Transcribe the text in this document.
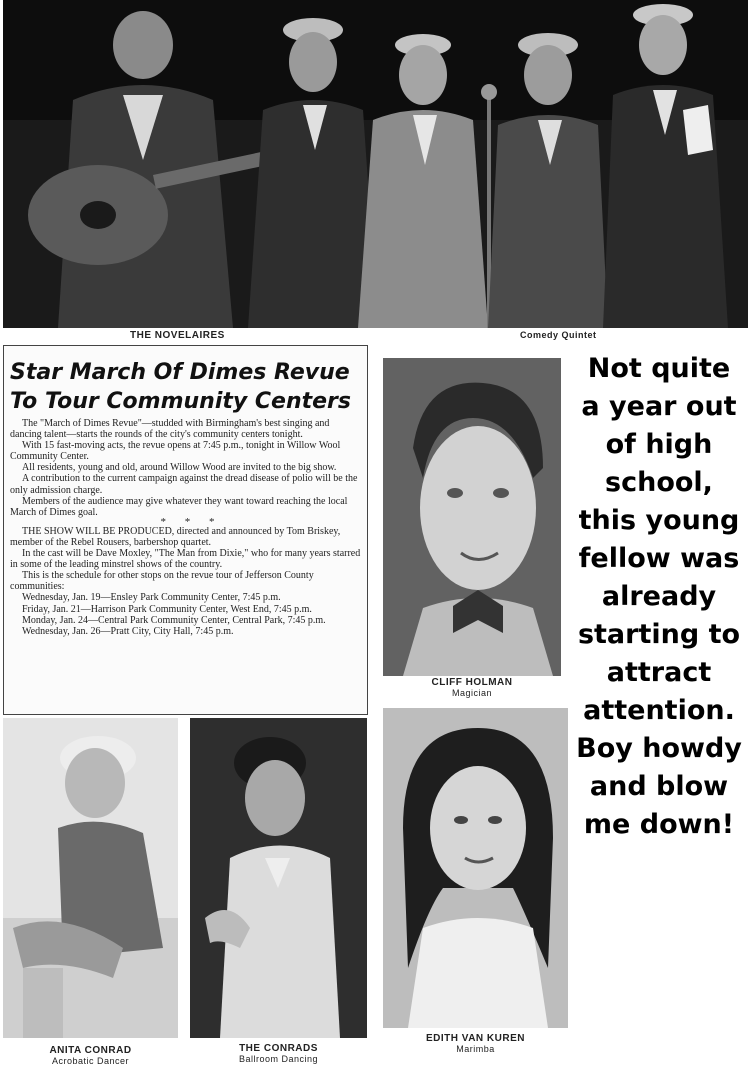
THE NOVELAIRES	Comedy Quintet
Star March Of Dimes Revue
To Tour Community Centers

The "March of Dimes Revue"—studded with Birmingham's best singing and dancing talent—starts the rounds of the city's community centers tonight.

With 15 fast-moving acts, the revue opens at 7:45 p.m., tonight in Willow Wool Community Center.

All residents, young and old, around Willow Wood are invited to the big show.

A contribution to the current campaign against the dread disease of polio will be the only admission charge.

Members of the audience may give whatever they want toward reaching the local March of Dimes goal.

* * *

THE SHOW WILL BE PRODUCED, directed and announced by Tom Briskey, member of the Rebel Rousers, barbershop quartet.

In the cast will be Dave Moxley, "The Man from Dixie," who for many years starred in some of the leading minstrel shows of the country.

This is the schedule for other stops on the revue tour of Jefferson County communities:

Wednesday, Jan. 19—Ensley Park Community Center, 7:45 p.m.

Friday, Jan. 21—Harrison Park Community Center, West End, 7:45 p.m.

Monday, Jan. 24—Central Park Community Center, Central Park, 7:45 p.m.

Wednesday, Jan. 26—Pratt City, City Hall, 7:45 p.m.

CLIFF HOLMAN
Magician
ANITA CONRAD
Acrobatic Dancer
THE CONRADS
Ballroom Dancing
EDITH VAN KUREN
Marimba
Not quite a year out of high school, this young fellow was already starting to attract attention. Boy howdy and blow me down!
